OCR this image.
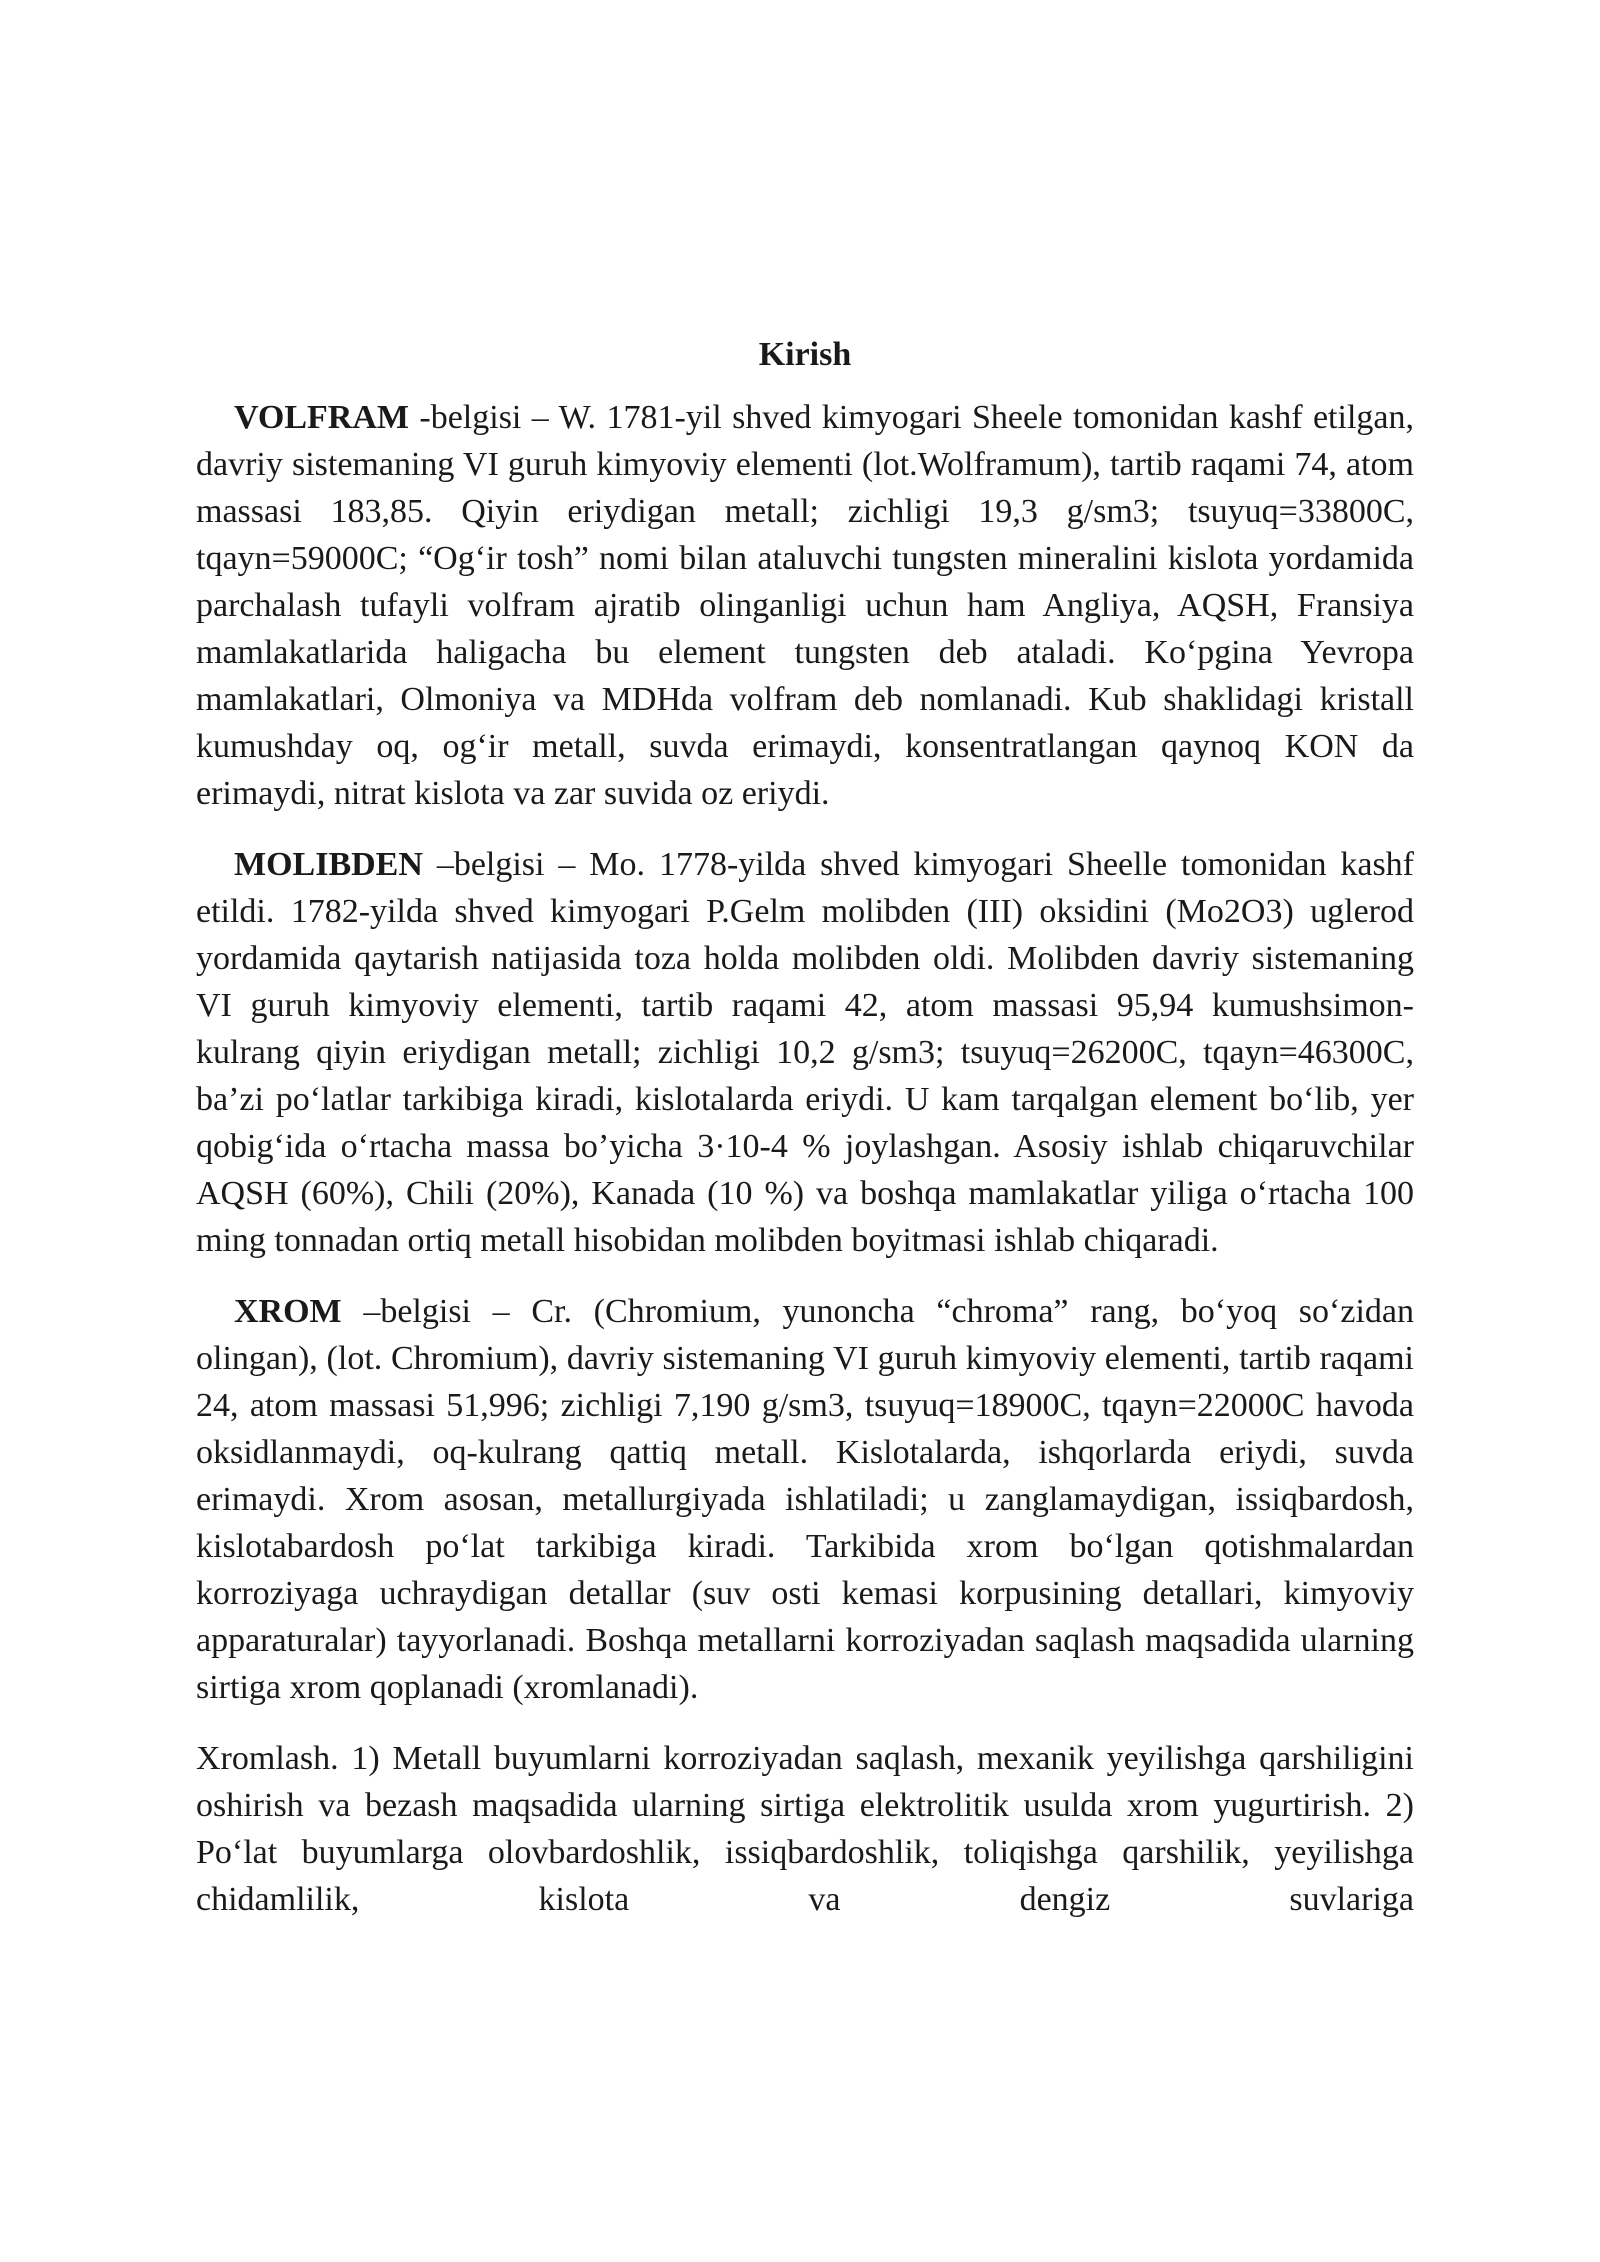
Kirish

VOLFRAM -belgisi – W. 1781-yil shved kimyogari Sheele tomonidan kashf etilgan, davriy sistemaning VI guruh kimyoviy elementi (lot.Wolframum), tartib raqami 74, atom massasi 183,85. Qiyin eriydigan metall; zichligi 19,3 g/sm3; tsuyuq=33800C, tqayn=59000C; “Og‘ir tosh” nomi bilan ataluvchi tungsten mineralini kislota yordamida parchalash tufayli volfram ajratib olinganligi uchun ham Angliya, AQSH, Fransiya mamlakatlarida haligacha bu element tungsten deb ataladi. Ko‘pgina Yevropa mamlakatlari, Olmoniya va MDHda volfram deb nomlanadi. Kub shaklidagi kristall kumushday oq, og‘ir metall, suvda erimaydi, konsentratlangan qaynoq KON da erimaydi, nitrat kislota va zar suvida oz eriydi.

MOLIBDEN –belgisi – Mo. 1778-yilda shved kimyogari Sheelle tomonidan kashf etildi. 1782-yilda shved kimyogari P.Gelm molibden (III) oksidini (Mo2O3) uglerod yordamida qaytarish natijasida toza holda molibden oldi. Molibden davriy sistemaning VI guruh kimyoviy elementi, tartib raqami 42, atom massasi 95,94 kumushsimon-kulrang qiyin eriydigan metall; zichligi 10,2 g/sm3; tsuyuq=26200C, tqayn=46300C, ba’zi po‘latlar tarkibiga kiradi, kislotalarda eriydi. U kam tarqalgan element bo‘lib, yer qobig‘ida o‘rtacha massa bo’yicha 3·10-4 % joylashgan. Asosiy ishlab chiqaruvchilar AQSH (60%), Chili (20%), Kanada (10 %) va boshqa mamlakatlar yiliga o‘rtacha 100 ming tonnadan ortiq metall hisobidan molibden boyitmasi ishlab chiqaradi.

XROM –belgisi – Cr. (Chromium, yunoncha “chroma” rang, bo‘yoq so‘zidan olingan), (lot. Chromium), davriy sistemaning VI guruh kimyoviy elementi, tartib raqami 24, atom massasi 51,996; zichligi 7,190 g/sm3, tsuyuq=18900C, tqayn=22000C havoda oksidlanmaydi, oq-kulrang qattiq metall. Kislotalarda, ishqorlarda eriydi, suvda erimaydi. Xrom asosan, metallurgiyada ishlatiladi; u zanglamaydigan, issiqbardosh, kislotabardosh po‘lat tarkibiga kiradi. Tarkibida xrom bo‘lgan qotishmalardan korroziyaga uchraydigan detallar (suv osti kemasi korpusining detallari, kimyoviy apparaturalar) tayyorlanadi. Boshqa metallarni korroziyadan saqlash maqsadida ularning sirtiga xrom qoplanadi (xromlanadi).

Xromlash. 1) Metall buyumlarni korroziyadan saqlash, mexanik yeyilishga qarshiligini oshirish va bezash maqsadida ularning sirtiga elektrolitik usulda xrom yugurtirish. 2) Po‘lat buyumlarga olovbardoshlik, issiqbardoshlik, toliqishga qarshilik, yeyilishga chidamlilik, kislota va dengiz suvlariga
